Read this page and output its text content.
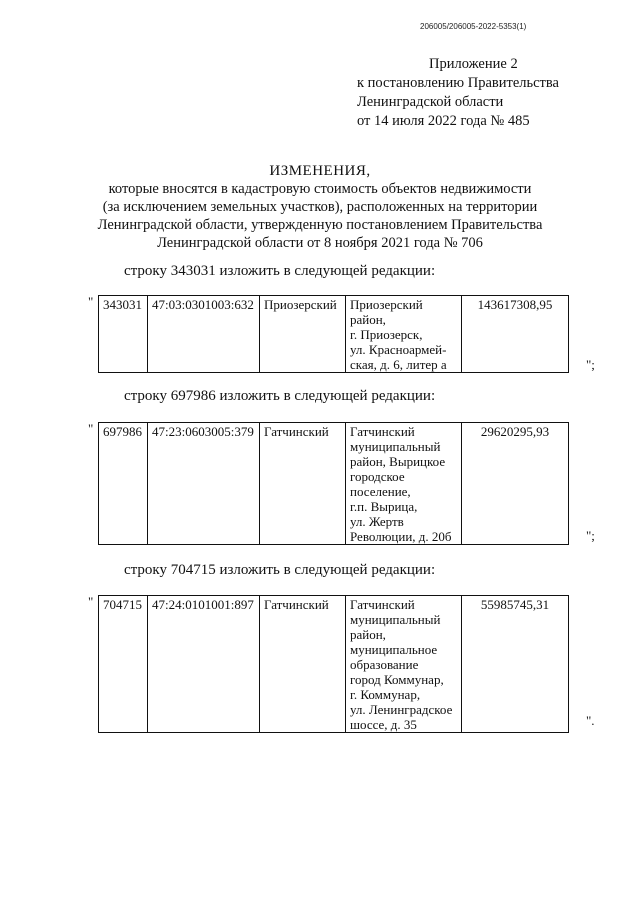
206005/206005-2022-5353(1)
Приложение 2
к постановлению Правительства
Ленинградской области
от 14 июля 2022 года № 485
ИЗМЕНЕНИЯ,
которые вносятся в кадастровую стоимость объектов недвижимости
(за исключением земельных участков), расположенных на территории
Ленинградской области, утвержденную постановлением Правительства
Ленинградской области от 8 ноября 2021 года № 706
строку 343031 изложить в следующей редакции:
" 343031	47:03:0301003:632	Приозерский	Приозерский
район,
г. Приозерск,
ул. Красноармей-
ская, д. 6, литер а
	143617308,95
";
строку 697986 изложить в следующей редакции:
" 697986	47:23:0603005:379	Гатчинский	Гатчинский
муниципальный
район, Вырицкое
городское
поселение,
г.п. Вырица,
ул. Жертв
Революции, д. 20б
	29620295,93
";
строку 704715 изложить в следующей редакции:
" 704715	47:24:0101001:897	Гатчинский	Гатчинский
муниципальный
район,
муниципальное
образование
город Коммунар,
г. Коммунар,
ул. Ленинградское
шоссе, д. 35
	55985745,31
".
